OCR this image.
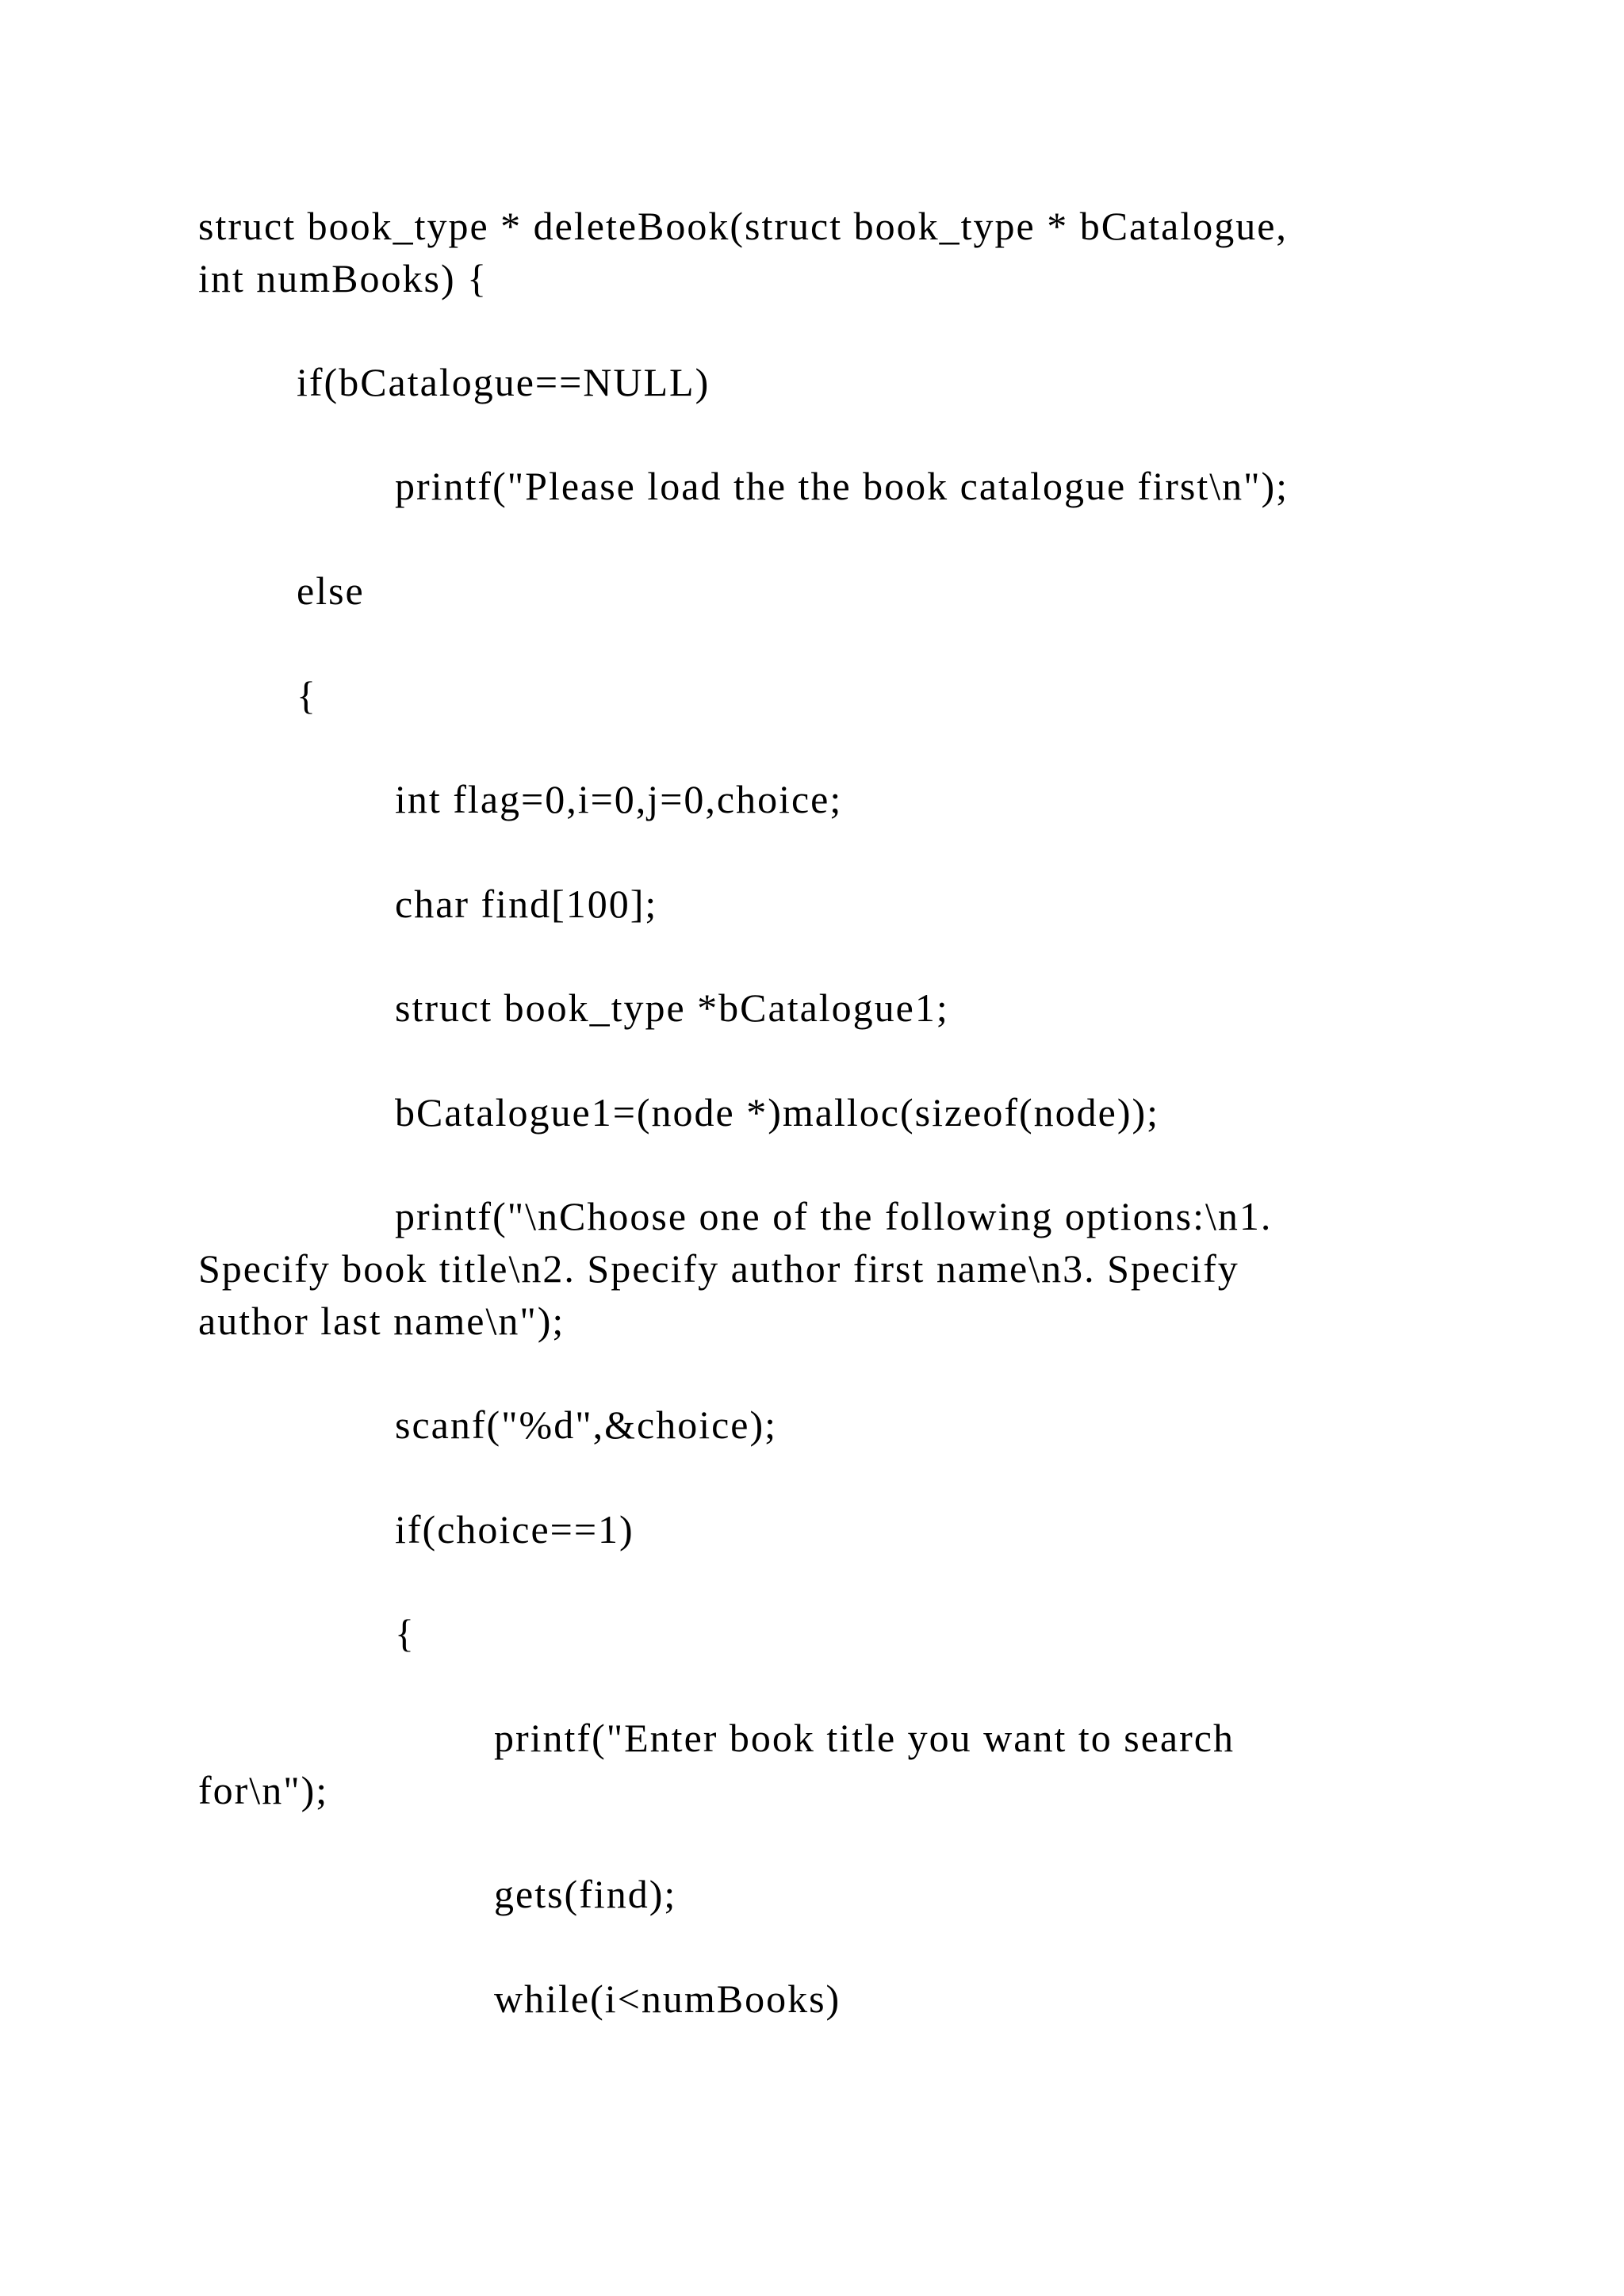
struct book_type * deleteBook(struct book_type * bCatalogue,
int numBooks) {
if(bCatalogue==NULL)
printf("Please load the the book catalogue first\n");
else
{
int flag=0,i=0,j=0,choice;
char find[100];
struct book_type *bCatalogue1;
bCatalogue1=(node *)malloc(sizeof(node));
printf("\nChoose one of the following options:\n1.
Specify book title\n2. Specify author first name\n3. Specify
author last name\n");
scanf("%d",&choice);
if(choice==1)
{
printf("Enter book title you want to search
for\n");
gets(find);
while(i<numBooks)
